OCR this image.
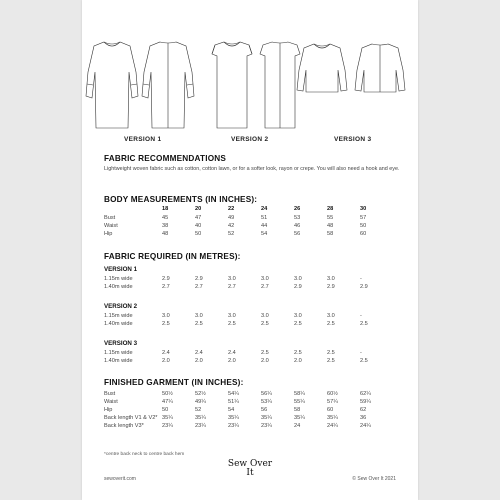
VERSION 1	VERSION 2	VERSION 3
FABRIC RECOMMENDATIONS
Lightweight woven fabric such as cotton, cotton lawn, or for a softer look, rayon or crepe. You will also need a hook and eye.
BODY MEASUREMENTS (IN INCHES):
18	20	22	24	26	28	30
Bust	45	47	49	51	53	55	57
Waist	38	40	42	44	46	48	50
Hip	48	50	52	54	56	58	60
FABRIC REQUIRED (IN METRES):
VERSION 1
1.15m wide	2.9	2.9	3.0	3.0	3.0	3.0	-
1.40m wide	2.7	2.7	2.7	2.7	2.9	2.9	2.9
VERSION 2
1.15m wide	3.0	3.0	3.0	3.0	3.0	3.0	-
1.40m wide	2.5	2.5	2.5	2.5	2.5	2.5	2.5
VERSION 3
1.15m wide	2.4	2.4	2.4	2.5	2.5	2.5	-
1.40m wide	2.0	2.0	2.0	2.0	2.0	2.5	2.5
FINISHED GARMENT (IN INCHES):
Bust	50½	52½	54¼	56¼	58¼	60½	62¼
Waist	47¼	49¼	51¼	53¼	55¼	57¼	59¼
Hip	50	52	54	56	58	60	62
Back length V1 & V2* 35¼	35¼	35¼	35¼	35¼	35¼	36
Back length V3*	23¼	23¼	23¼	23¼	24	24¼	24¼
*centre back neck to centre back hem
sewoverit.com
Sew Over It
© Sew Over It 2021
